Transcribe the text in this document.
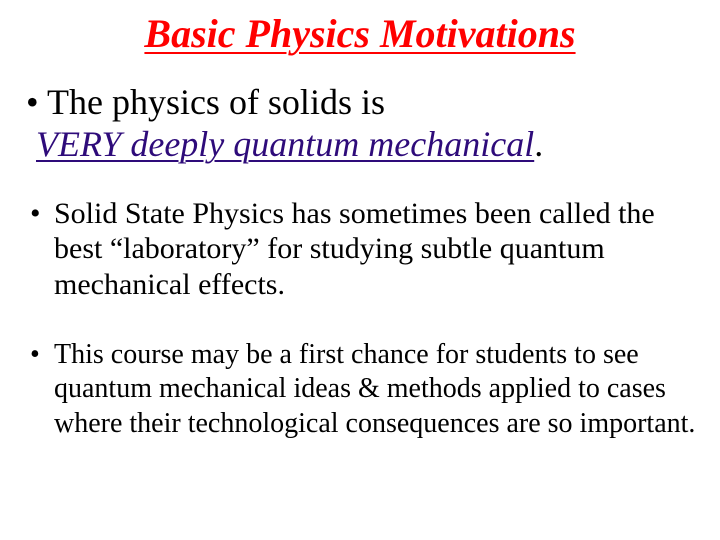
Basic Physics Motivations
• The physics of solids is
VERY deeply quantum mechanical.
• Solid State Physics has sometimes been called the best “laboratory” for studying subtle quantum mechanical effects.
• This course may be a first chance for students to see quantum mechanical ideas & methods applied to cases where their technological consequences are so important.
